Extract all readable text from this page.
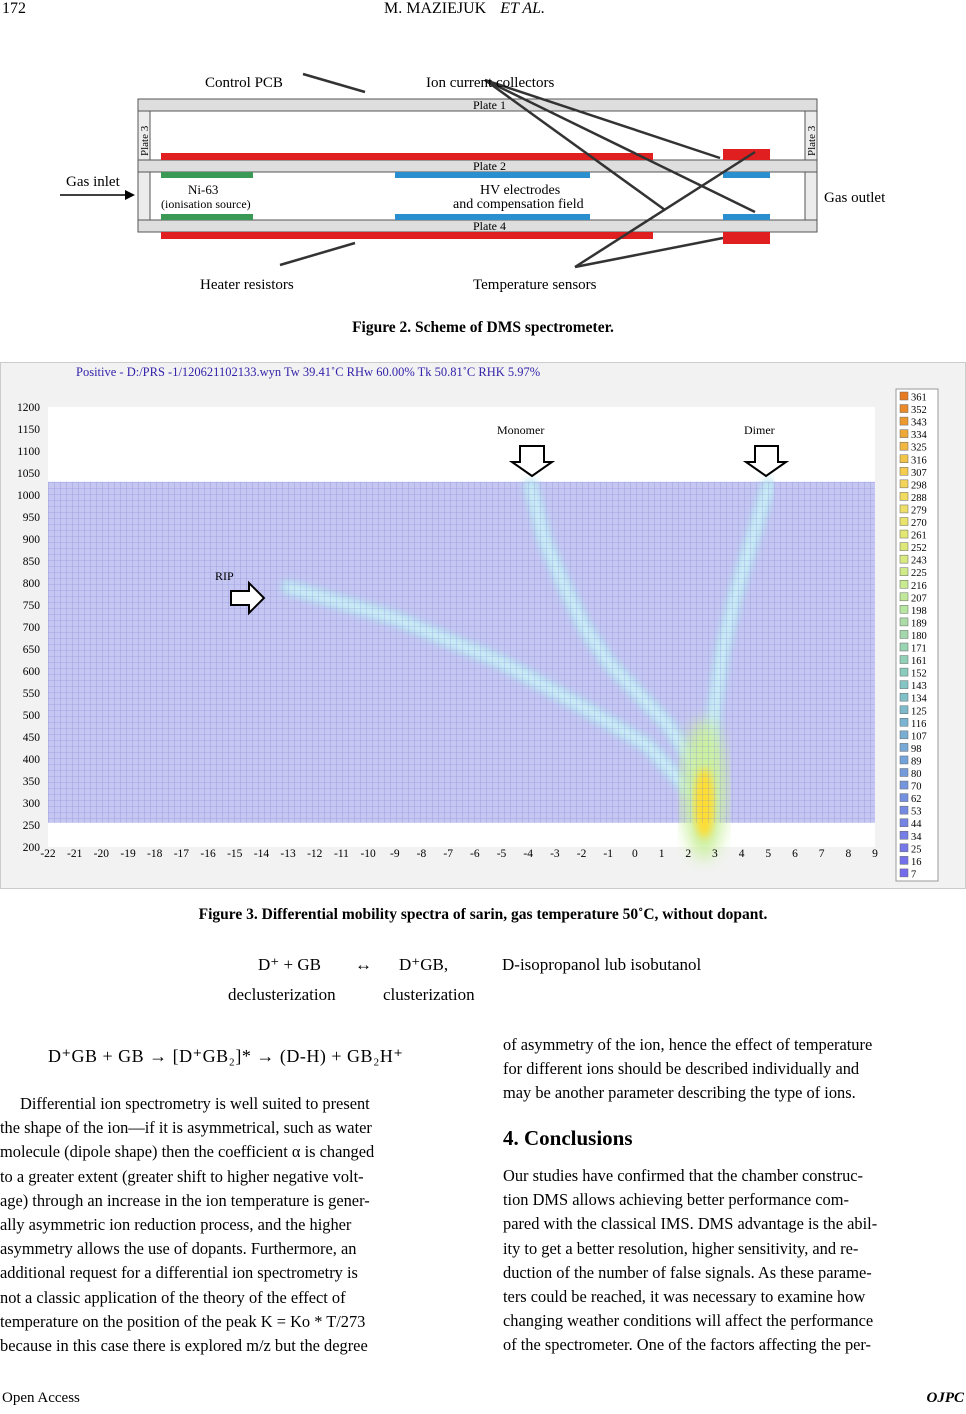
172	M. MAZIEJUK ET AL.
Control PCB	Ion current collectors
Plate 1
Plate 2
Plate 4
Plate 3	Plate 3
Gas inlet
Gas outlet
Ni-63
(ionisation source)
HV electrodes
and compensation field
Heater resistors	Temperature sensors
Figure 2. Scheme of DMS spectrometer.
Positive - D:/PRS -1/120621102133.wyn Tw 39.41˚C RHw 60.00% Tk 50.81˚C RHK 5.97%
1200
1150
1100
1050
1000
950
900
850
800
750
700
650
600
550
500
450
400
350
300
250
200 -22 -21 -20 -19 -18 -17 -16 -15 -14 -13 -12 -11 -10 -9 -8 -7 -6 -5 -4 -3 -2 -1 0 1 2 3 4 5 6 7 8 9
361
352
343
334
325
316
307
298
288
279
270
261
252
243
225
216
207
198
189
180
171
161
152
143
134
125
116
107
98
89
80
70
62
53
44
34
25
16
7
Monomer	Dimer
RIP
Figure 3. Differential mobility spectra of sarin, gas temperature 50˚C, without dopant.
D⁺ + GB ↔ D⁺GB,	D-isopropanol lub isobutanol
declusterization	clusterization
D⁺GB + GB → [D⁺GB₂]* → (D-H) + GB₂H⁺
Differential ion spectrometry is well suited to present
the shape of the ion—if it is asymmetrical, such as water
molecule (dipole shape) then the coefficient α is changed
to a greater extent (greater shift to higher negative volt-
age) through an increase in the ion temperature is gener-
ally asymmetric ion reduction process, and the higher
asymmetry allows the use of dopants. Furthermore, an
additional request for a differential ion spectrometry is
not a classic application of the theory of the effect of
temperature on the position of the peak K = Ko * T/273
because in this case there is explored m/z but the degree
of asymmetry of the ion, hence the effect of temperature
for different ions should be described individually and
may be another parameter describing the type of ions.
4. Conclusions
Our studies have confirmed that the chamber construc-
tion DMS allows achieving better performance com-
pared with the classical IMS. DMS advantage is the abil-
ity to get a better resolution, higher sensitivity, and re-
duction of the number of false signals. As these parame-
ters could be reached, it was necessary to examine how
changing weather conditions will affect the performance
of the spectrometer. One of the factors affecting the per-
Open Access	OJPC
